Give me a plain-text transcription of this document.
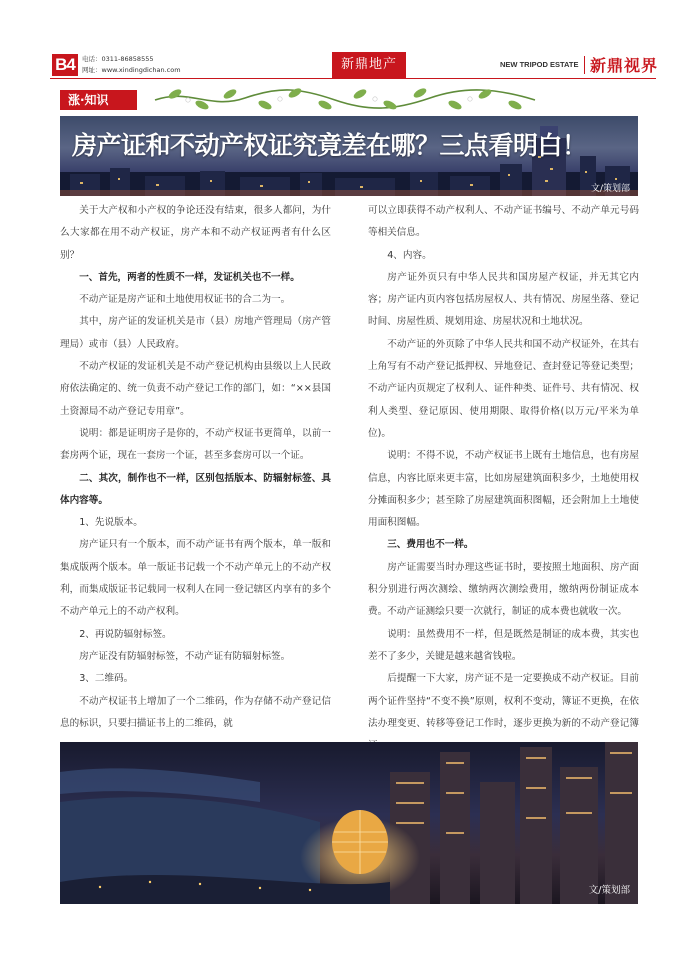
B4	电话：0311-86858555
网址：www.xindingdichan.com	新鼎地产	NEW TRIPOD ESTATE 新鼎视界
涨·知识
房产证和不动产权证究竟差在哪？三点看明白！
文/策划部

关于大产权和小产权的争论还没有结束，很多人都问，为什么大家都在用不动产权证，房产本和不动产权证两者有什么区别？

一、首先，两者的性质不一样，发证机关也不一样。

不动产证是房产证和土地使用权证书的合二为一。

其中，房产证的发证机关是市（县）房地产管理局（房产管理局）或市（县）人民政府。

不动产权证的发证机关是不动产登记机构由县级以上人民政府依法确定的、统一负责不动产登记工作的部门，如：“××县国土资源局不动产登记专用章”。

说明：都是证明房子是你的，不动产权证书更简单，以前一套房两个证，现在一套房一个证，甚至多套房可以一个证。

二、其次，制作也不一样，区别包括版本、防辐射标签、具体内容等。

1、先说版本。

房产证只有一个版本，而不动产证书有两个版本，单一版和集成版两个版本。单一版证书记载一个不动产单元上的不动产权利，而集成版证书记载同一权利人在同一登记辖区内享有的多个不动产单元上的不动产权利。

2、再说防辐射标签。

房产证没有防辐射标签，不动产证有防辐射标签。

3、二维码。

不动产权证书上增加了一个二维码，作为存储不动产登记信息的标识，只要扫描证书上的二维码，就

可以立即获得不动产权利人、不动产证书编号、不动产单元号码等相关信息。

4、内容。

房产证外页只有中华人民共和国房屋产权证，并无其它内容；房产证内页内容包括房屋权人、共有情况、房屋坐落、登记时间、房屋性质、规划用途、房屋状况和土地状况。

不动产证的外页除了中华人民共和国不动产权证外，在其右上角写有不动产登记抵押权、异地登记、查封登记等登记类型；不动产证内页规定了权利人、证件种类、证件号、共有情况、权利人类型、登记原因、使用期限、取得价格(以万元/平米为单位)。

说明：不得不说，不动产权证书上既有土地信息，也有房屋信息，内容比原来更丰富，比如房屋建筑面积多少，土地使用权分摊面积多少；甚至除了房屋建筑面积图幅，还会附加上土地使用面积图幅。

三、费用也不一样。

房产证需要当时办理这些证书时，要按照土地面积、房产面积分别进行两次测绘、缴纳两次测绘费用，缴纳两份制证成本费。不动产证测绘只要一次就行，制证的成本费也就收一次。

说明：虽然费用不一样，但是既然是制证的成本费，其实也差不了多少，关键是越来越省钱啦。

后提醒一下大家，房产证不是一定要换成不动产权证。目前两个证件坚持“不变不换”原则，权利不变动，簿证不更换，在依法办理变更、转移等登记工作时，逐步更换为新的不动产登记簿

文/策划部
